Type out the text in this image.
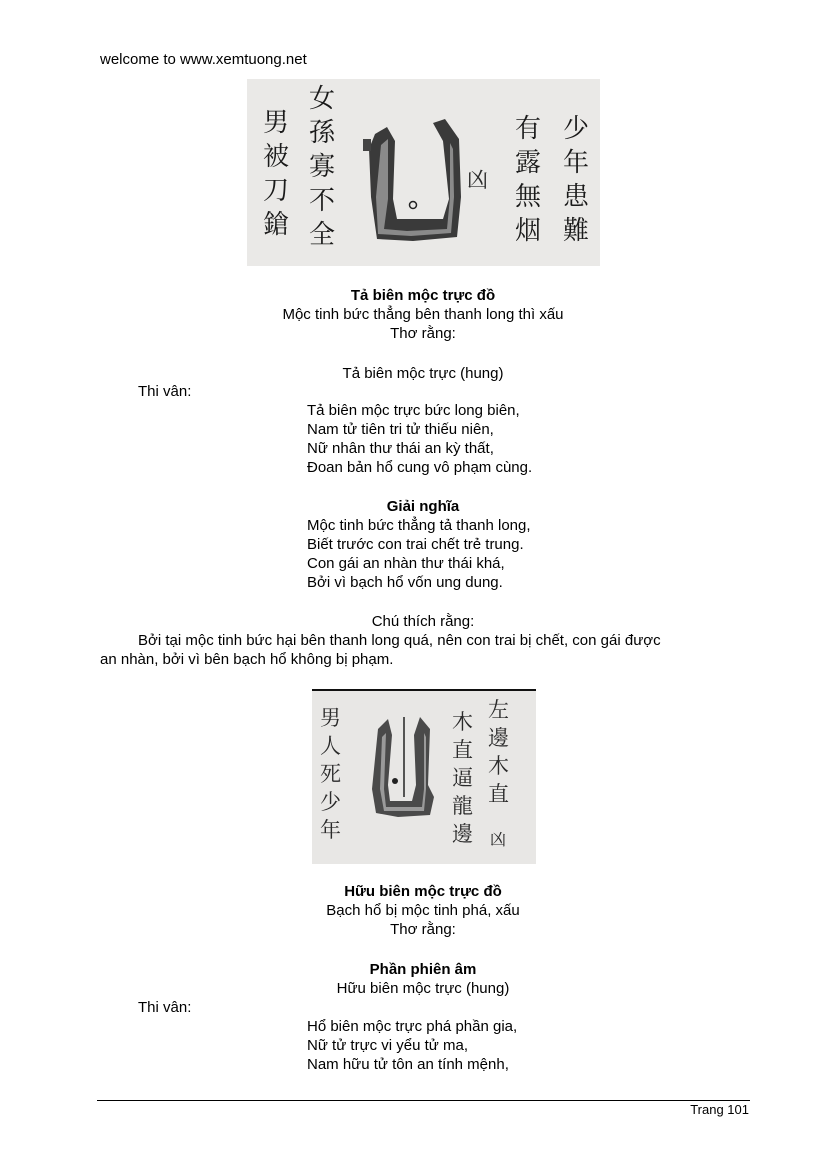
welcome to www.xemtuong.net
男
被
刀
鎗
女
孫
寡
不
全
凶
有
露
無
烟
少
年
患
難
Tả biên mộc trực đồ
Mộc tinh bức thẳng bên thanh long thì xấu
Thơ rằng:
Tả biên mộc trực (hung)
Thi vân:
Tả biên mộc trực bức long biên,
Nam tử tiên tri tử thiếu niên,
Nữ nhân thư thái an kỳ thất,
Đoan bản hổ cung vô phạm cùng.
Giải nghĩa
Mộc tinh bức thẳng tả thanh long,
Biết trước con trai chết trẻ trung.
Con gái an nhàn thư thái khá,
Bởi vì bạch hổ vốn ung dung.
Chú thích rằng:
Bởi tại mộc tinh bức hại bên thanh long quá, nên con trai bị chết, con gái được
an nhàn, bởi vì bên bạch hổ không bị phạm.
男
人
死
少
年
木
直
逼
龍
邊
左
邊
木
直
凶
Hữu biên mộc trực đồ
Bạch hổ bị mộc tinh phá, xấu
Thơ rằng:
Phần phiên âm
Hữu biên mộc trực (hung)
Thi vân:
Hổ biên mộc trực phá phần gia,
Nữ tử trực vi yểu tử ma,
Nam hữu tử tôn an tính mệnh,
Trang 101
